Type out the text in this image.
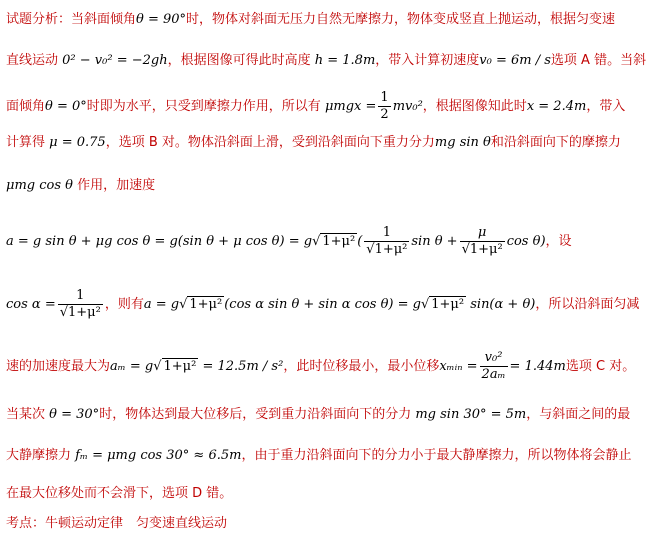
试题分析：当斜面倾角θ = 90°时，物体对斜面无压力自然无摩擦力，物体变成竖直上抛运动，根据匀变速
直线运动 0² − v₀² = −2gh，根据图像可得此时高度 h = 1.8m，带入计算初速度v₀ = 6m / s选项 A 错。当斜
面倾角θ = 0°时即为水平，只受到摩擦力作用，所以有 $\mu mgx = \frac{1}{2} mv_0^2$，根据图像知此时x = 2.4m，带入
计算得 μ = 0.75，选项 B 对。物体沿斜面上滑，受到沿斜面向下重力分力mg sin θ和沿斜面向下的摩擦力
μmg cos θ 作用，加速度
a = g sin θ + μg cos θ = g(sin θ + μ cos θ) = g√ 1+μ² ( $\frac{1}{\text{√1+μ²}}$ $\sin \theta + \frac{\mu}{\text{√1+μ²}}$ cos θ)，设
$\cos \alpha = \frac{1}{\text{√1+μ²}}$ ，则有a = g√ 1+μ² (cos α sin θ + sin α cos θ) = g√ 1+μ² sin(α + θ)，所以沿斜面匀减
速的加速度最大为aₘ = g√ 1+μ² = 12.5m / s²，此时位移最小，最小位移xₘᵢₙ = $\frac{\text{v₀²}}{\text{2aₘ}} = 1.44m$选项 C 对。
当某次 θ = 30°时，物体达到最大位移后，受到重力沿斜面向下的分力 mg sin 30° = 5m，与斜面之间的最
大静摩擦力 fₘ = μmg cos 30° ≈ 6.5m，由于重力沿斜面向下的分力小于最大静摩擦力，所以物体将会静止
在最大位移处而不会滑下，选项 D 错。
考点：牛顿运动定律　匀变速直线运动
